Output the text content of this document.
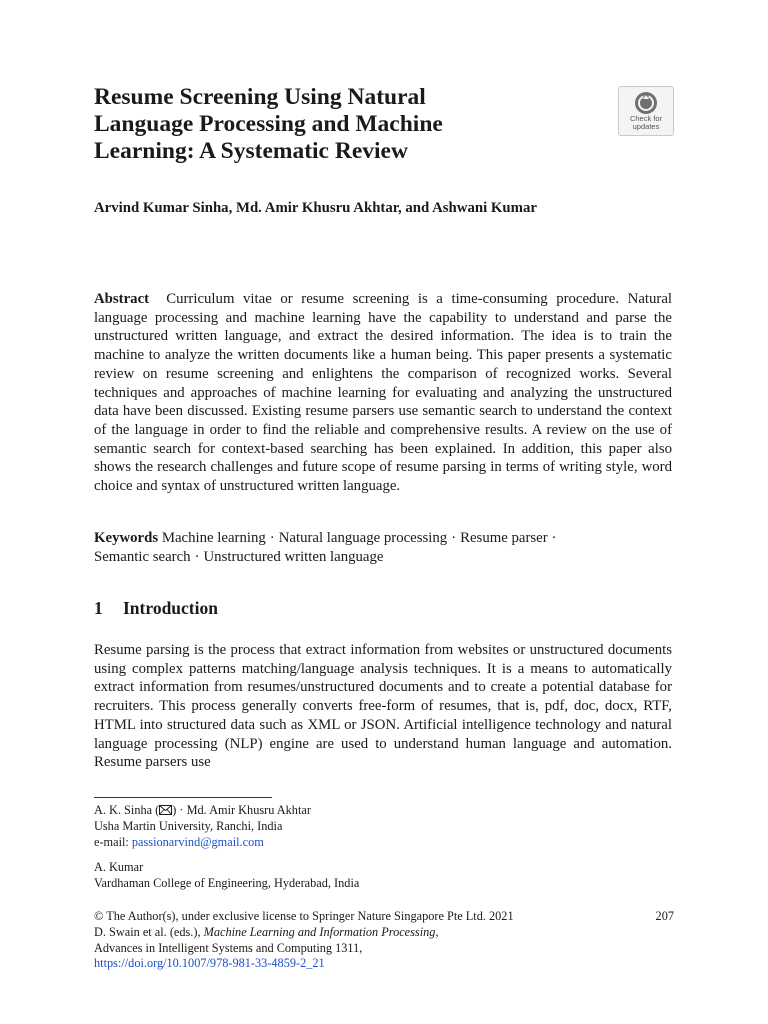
Resume Screening Using Natural
Language Processing and Machine
Learning: A Systematic Review
Check for
updates
Arvind Kumar Sinha, Md. Amir Khusru Akhtar, and Ashwani Kumar

Abstract Curriculum vitae or resume screening is a time-consuming procedure. Natural language processing and machine learning have the capability to understand and parse the unstructured written language, and extract the desired information. The idea is to train the machine to analyze the written documents like a human being. This paper presents a systematic review on resume screening and enlightens the comparison of recognized works. Several techniques and approaches of machine learning for evaluating and analyzing the unstructured data have been discussed. Existing resume parsers use semantic search to understand the context of the language in order to find the reliable and comprehensive results. A review on the use of semantic search for context-based searching has been explained. In addition, this paper also shows the research challenges and future scope of resume parsing in terms of writing style, word choice and syntax of unstructured written language.

Keywords Machine learning · Natural language processing · Resume parser ·
Semantic search · Unstructured written language

1 Introduction

Resume parsing is the process that extract information from websites or unstructured documents using complex patterns matching/language analysis techniques. It is a means to automatically extract information from resumes/unstructured documents and to create a potential database for recruiters. This process generally converts free-form of resumes, that is, pdf, doc, docx, RTF, HTML into structured data such as XML or JSON. Artificial intelligence technology and natural language processing (NLP) engine are used to understand human language and automation. Resume parsers use

A. K. Sinha ( ) · Md. Amir Khusru Akhtar
Usha Martin University, Ranchi, India
e-mail: passionarvind@gmail.com
A. Kumar
Vardhaman College of Engineering, Hyderabad, India
207
© The Author(s), under exclusive license to Springer Nature Singapore Pte Ltd. 2021
D. Swain et al. (eds.), Machine Learning and Information Processing,
Advances in Intelligent Systems and Computing 1311,
https://doi.org/10.1007/978-981-33-4859-2_21
